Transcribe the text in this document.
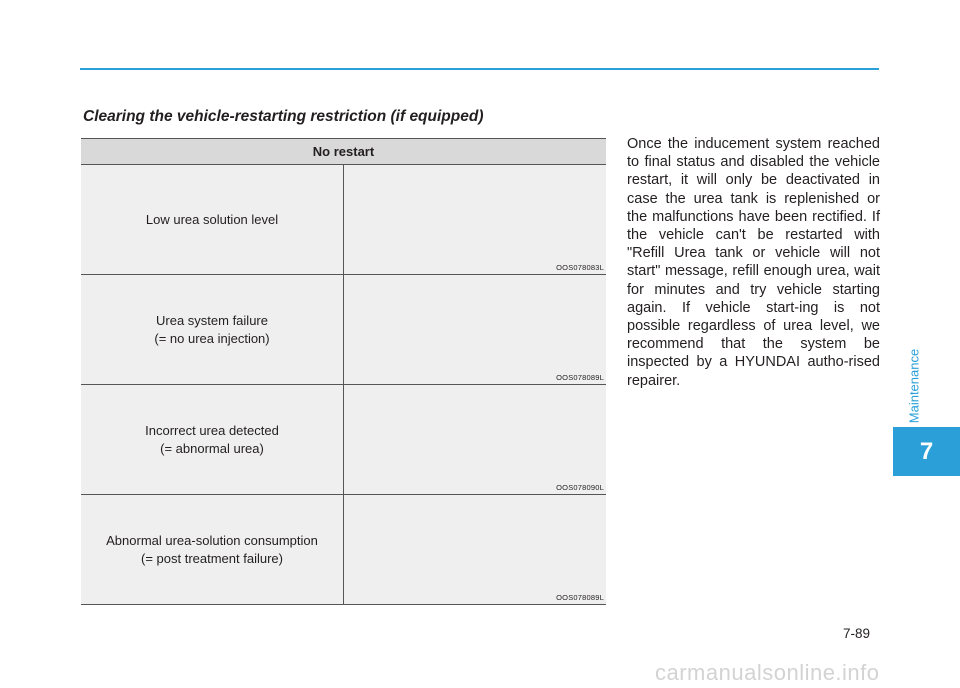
Clearing the vehicle-restarting restriction (if equipped)
No restart	

Low urea solution level	OOS078083L

Urea system failure
(= no urea injection)	OOS078089L

Incorrect urea detected
(= abnormal urea)	OOS078090L

Abnormal urea-solution consumption
(= post treatment failure)	OOS078089L

Once the inducement system reached to final status and disabled the vehicle restart, it will only be deactivated in case the urea tank is replenished or the malfunctions have been rectified. If the vehicle can't be restarted with "Refill Urea tank or vehicle will not start" message, refill enough urea, wait for minutes and try vehicle starting again. If vehicle start-ing is not possible regardless of urea level, we recommend that the system be inspected by a HYUNDAI autho-rised repairer.	Maintenance
7
7-89
carmanualsonline.info
